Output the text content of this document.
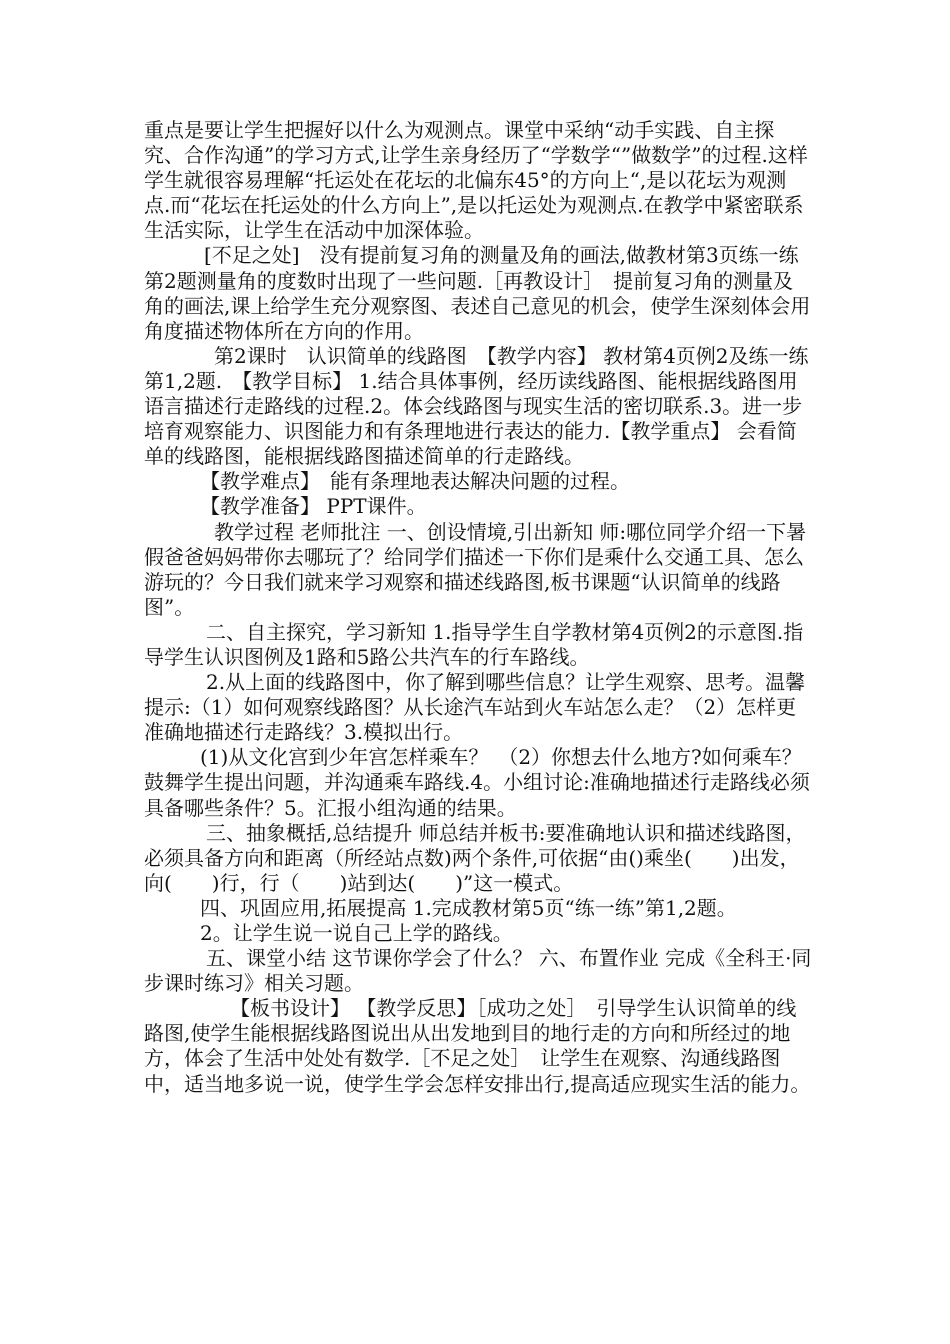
重点是要让学生把握好以什么为观测点。课堂中采纳“动手实践、自主探究、合作沟通”的学习方式,让学生亲身经历了“学数学“”做数学”的过程.这样学生就很容易理解“托运处在花坛的北偏东45°的方向上“,是以花坛为观测点.而“花坛在托运处的什么方向上”,是以托运处为观测点.在教学中紧密联系生活实际，让学生在活动中加深体验。

[不足之处]　没有提前复习角的测量及角的画法,做教材第3页练一练第2题测量角的度数时出现了一些问题.［再教设计］　提前复习角的测量及角的画法,课上给学生充分观察图、表述自己意见的机会，使学生深刻体会用角度描述物体所在方向的作用。

第2课时　认识简单的线路图　【教学内容】 教材第4页例2及练一练第1,2题.　【教学目标】 1.结合具体事例，经历读线路图、能根据线路图用语言描述行走路线的过程.2。体会线路图与现实生活的密切联系.3。进一步培育观察能力、识图能力和有条理地进行表达的能力.【教学重点】 会看简单的线路图，能根据线路图描述简单的行走路线。

【教学难点】　能有条理地表达解决问题的过程。

【教学准备】 PPT课件。

教学过程 老师批注 一、创设情境,引出新知 师:哪位同学介绍一下暑假爸爸妈妈带你去哪玩了？给同学们描述一下你们是乘什么交通工具、怎么游玩的？今日我们就来学习观察和描述线路图,板书课题“认识简单的线路图”。

二、自主探究，学习新知 1.指导学生自学教材第4页例2的示意图.指导学生认识图例及1路和5路公共汽车的行车路线。

2.从上面的线路图中，你了解到哪些信息？让学生观察、思考。温馨提示:（1）如何观察线路图？从长途汽车站到火车站怎么走？（2）怎样更准确地描述行走路线？3.模拟出行。

(1)从文化宫到少年宫怎样乘车？　（2）你想去什么地方?如何乘车？　鼓舞学生提出问题，并沟通乘车路线.4。小组讨论:准确地描述行走路线必须具备哪些条件？5。汇报小组沟通的结果。

三、抽象概括,总结提升 师总结并板书:要准确地认识和描述线路图，必须具备方向和距离（所经站点数)两个条件,可依据“由()乘坐(　　)出发，向(　　)行，行（　　)站到达(　　)”这一模式。

四、巩固应用,拓展提高 1.完成教材第5页“练一练”第1,2题。

2。让学生说一说自己上学的路线。

五、课堂小结 这节课你学会了什么？ 六、布置作业 完成《全科王·同步课时练习》相关习题。

【板书设计】 【教学反思】［成功之处］　引导学生认识简单的线路图,使学生能根据线路图说出从出发地到目的地行走的方向和所经过的地方，体会了生活中处处有数学.［不足之处］　让学生在观察、沟通线路图中，适当地多说一说，使学生学会怎样安排出行,提高适应现实生活的能力。
